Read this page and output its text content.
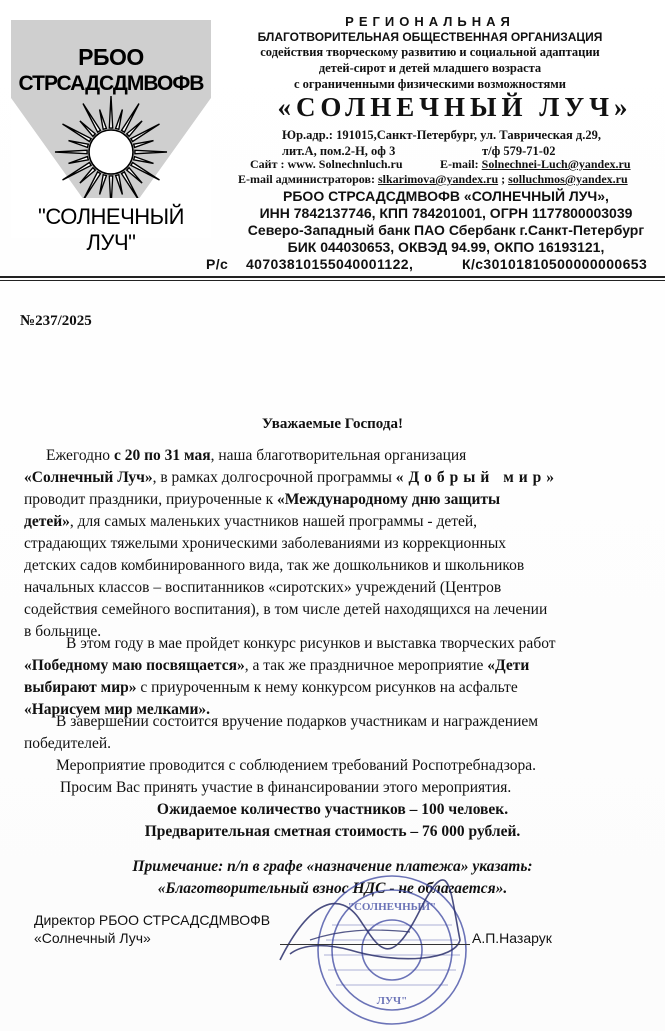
РБОО
СТРСАДСДМВОФВ
"СОЛНЕЧНЫЙ ЛУЧ"
РЕГИОНАЛЬНАЯ
БЛАГОТВОРИТЕЛЬНАЯ ОБЩЕСТВЕННАЯ ОРГАНИЗАЦИЯ
содействия творческому развитию и социальной адаптации
детей-сирот и детей младшего возраста
с ограниченными физическими возможностями
«СОЛНЕЧНЫЙ ЛУЧ»
Юр.адр.: 191015,Санкт-Петербург, ул. Таврическая д.29,
лит.А, пом.2-Н, оф 3	т/ф 579-71-02
Сайт : www. Solnechnluch.ru	E-mail: Solnechnei-Luch@yandex.ru
E-mail администраторов: slkarimova@yandex.ru ; solluchmos@yandex.ru
РБОО СТРСАДСДМВОФВ «СОЛНЕЧНЫЙ ЛУЧ»,
ИНН 7842137746, КПП 784201001, ОГРН 1177800003039
Северо-Западный банк ПАО Сбербанк г.Санкт-Петербург
БИК 044030653, ОКВЭД 94.99, ОКПО 16193121,
Р/с 40703810155040001122,	К/с30101810500000000653
№237/2025
Уважаемые Господа!
Ежегодно с 20 по 31 мая, наша благотворительная организация
«Солнечный Луч», в рамках долгосрочной программы «Добрый мир»
проводит праздники, приуроченные к «Международному дню защиты
детей», для самых маленьких участников нашей программы - детей,
страдающих тяжелыми хроническими заболеваниями из коррекционных
детских садов комбинированного вида, так же дошкольников и школьников
начальных классов – воспитанников «сиротских» учреждений (Центров
содействия семейного воспитания), в том числе детей находящихся на лечении
в больнице.
В этом году в мае пройдет конкурс рисунков и выставка творческих работ
«Победному маю посвящается», а так же праздничное мероприятие «Дети
выбирают мир» с приуроченным к нему конкурсом рисунков на асфальте
«Нарисуем мир мелками».
В завершении состоится вручение подарков участникам и награждением
победителей.
Мероприятие проводится с соблюдением требований Роспотребнадзора.
Просим Вас принять участие в финансировании этого мероприятия.
Ожидаемое количество участников – 100 человек.
Предварительная сметная стоимость – 76 000 рублей.
Примечание: п/п в графе «назначение платежа» указать:
«Благотворительный взнос НДС - не облагается».
"СОЛНЕЧНЫЙ"
ЛУЧ"
Директор РБОО СТРСАДСДМВОФВ
«Солнечный Луч»	А.П.Назарук
